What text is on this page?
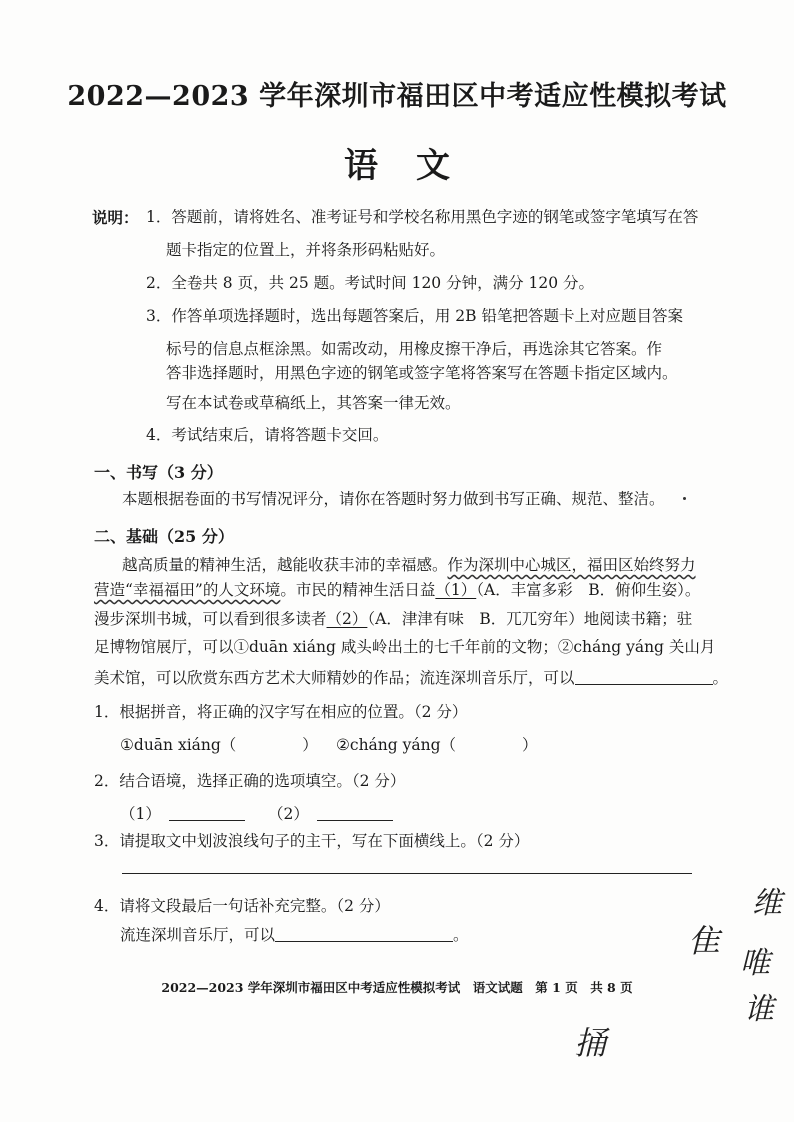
2022—2023 学年深圳市福田区中考适应性模拟考试
语文
说明： 1．答题前，请将姓名、准考证号和学校名称用黑色字迹的钢笔或签字笔填写在答
题卡指定的位置上，并将条形码粘贴好。
2．全卷共 8 页，共 25 题。考试时间 120 分钟，满分 120 分。
3．作答单项选择题时，选出每题答案后，用 2B 铅笔把答题卡上对应题目答案
标号的信息点框涂黑。如需改动，用橡皮擦干净后，再选涂其它答案。作
答非选择题时，用黑色字迹的钢笔或签字笔将答案写在答题卡指定区域内。
写在本试卷或草稿纸上，其答案一律无效。
4．考试结束后，请将答题卡交回。
一、书写（3 分）
本题根据卷面的书写情况评分，请你在答题时努力做到书写正确、规范、整洁。
二、基础（25 分）
越高质量的精神生活，越能收获丰沛的幸福感。作为深圳中心城区，福田区始终努力
营造“幸福福田”的人文环境。市民的精神生活日益（1）（A．丰富多彩　B．俯仰生姿）。
漫步深圳书城，可以看到很多读者（2）（A．津津有味　B．兀兀穷年）地阅读书籍；驻
足博物馆展厅，可以①duān xiáng 咸头岭出土的七千年前的文物；②cháng yáng 关山月
美术馆，可以欣赏东西方艺术大师精妙的作品；流连深圳音乐厅，可以	。
1．根据拼音，将正确的汉字写在相应的位置。（2 分）
①duān xiáng（	） ②cháng yáng（	）
2．结合语境，选择正确的选项填空。（2 分）
（1）	（2）
3．请提取文中划波浪线句子的主干，写在下面横线上。（2 分）
4．请将文段最后一句话补充完整。（2 分）
流连深圳音乐厅，可以	。
2022—2023 学年深圳市福田区中考适应性模拟考试　语文试题　第 1 页　共 8 页
维
隹
唯
谁
捅
